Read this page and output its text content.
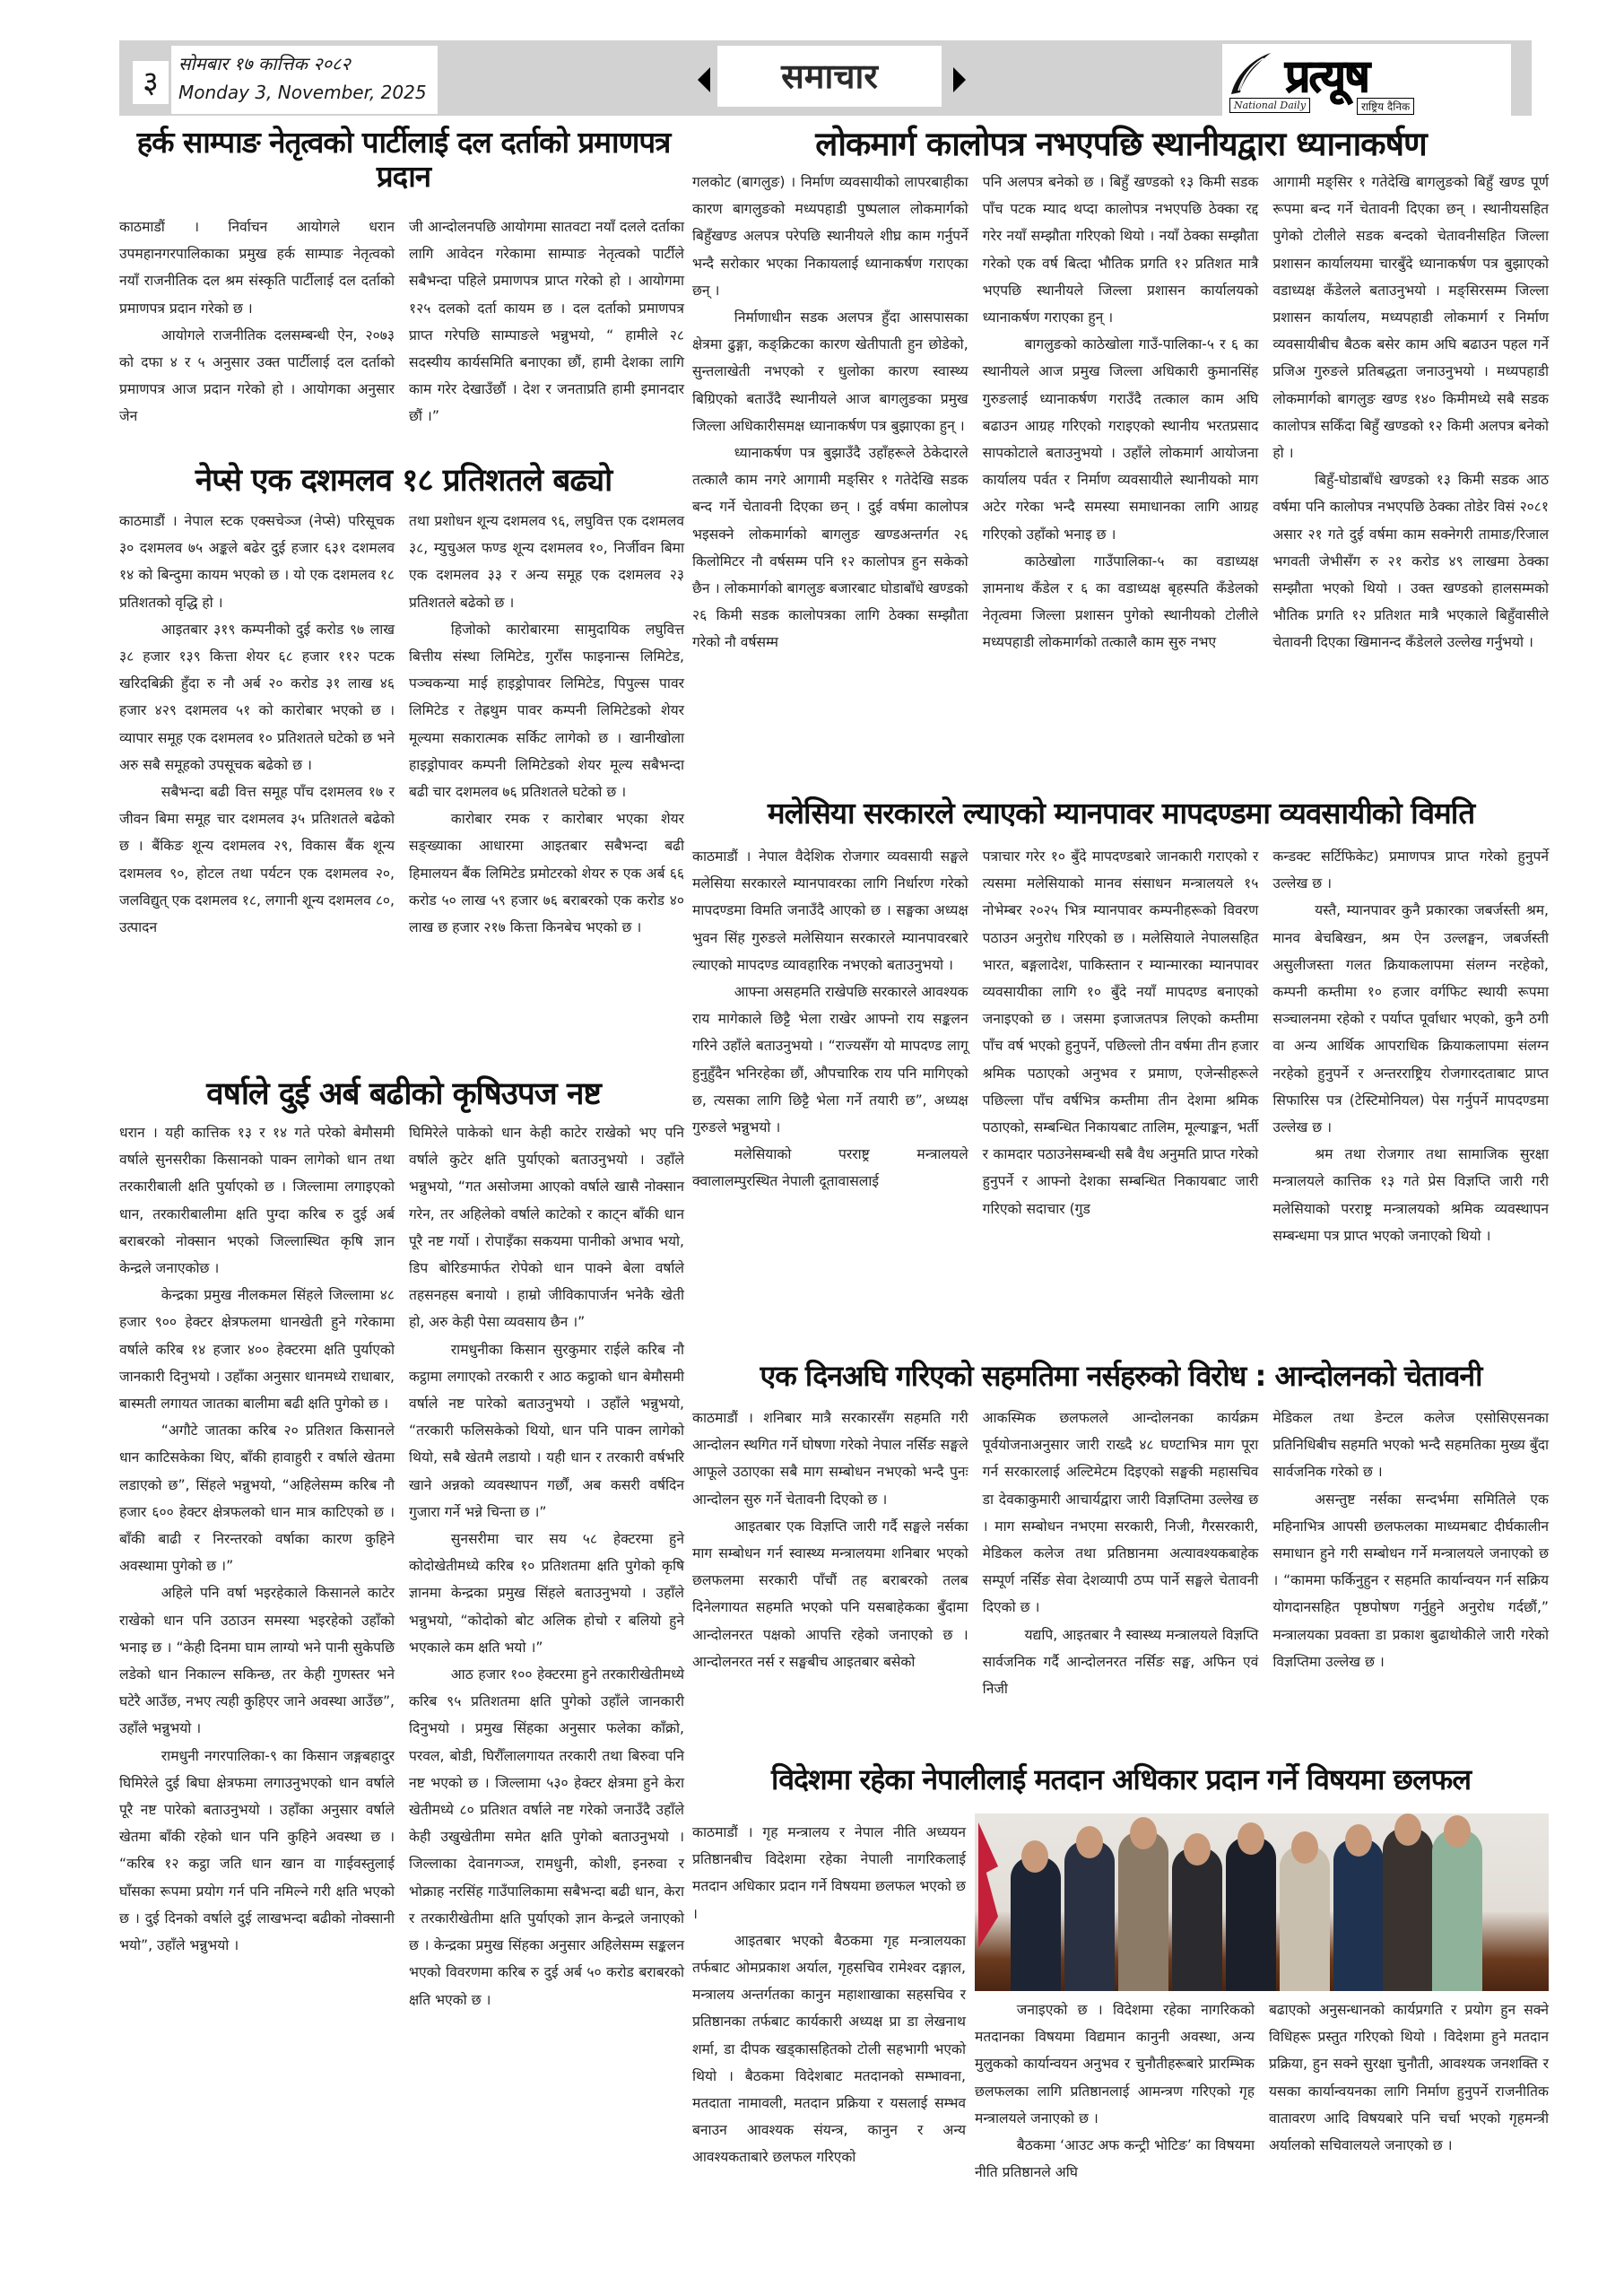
३
सोमबार १७ कात्तिक २०८२
Monday 3, November, 2025	समाचार	प्रत्यूष
National Daily	राष्ट्रिय दैनिक
हर्क साम्पाङ नेतृत्वको पार्टीलाई दल दर्ताको प्रमाणपत्र प्रदान

काठमाडौं । निर्वाचन आयोगले धरान उपमहानगरपालिकाका प्रमुख हर्क साम्पाङ नेतृत्वको नयाँ राजनीतिक दल श्रम संस्कृति पार्टीलाई दल दर्ताको प्रमाणपत्र प्रदान गरेको छ ।

आयोगले राजनीतिक दलसम्बन्धी ऐन, २०७३ को दफा ४ र ५ अनुसार उक्त पार्टीलाई दल दर्ताको प्रमाणपत्र आज प्रदान गरेको हो । आयोगका अनुसार जेन

जी आन्दोलनपछि आयोगमा सातवटा नयाँ दलले दर्ताका लागि आवेदन गरेकामा साम्पाङ नेतृत्वको पार्टीले सबैभन्दा पहिले प्रमाणपत्र प्राप्त गरेको हो । आयोगमा १२५ दलको दर्ता कायम छ । दल दर्ताको प्रमाणपत्र प्राप्त गरेपछि साम्पाङले भन्नुभयो, “ हामीले २८ सदस्यीय कार्यसमिति बनाएका छौं, हामी देशका लागि काम गरेर देखाउँछौं । देश र जनताप्रति हामी इमानदार छौं ।”

नेप्से एक दशमलव १८ प्रतिशतले बढ्यो

काठमाडौं । नेपाल स्टक एक्सचेञ्ज (नेप्से) परिसूचक ३० दशमलव ७५ अङ्कले बढेर दुई हजार ६३१ दशमलव १४ को बिन्दुमा कायम भएको छ । यो एक दशमलव १८ प्रतिशतको वृद्धि हो ।

आइतबार ३१९ कम्पनीको दुई करोड ९७ लाख ३८ हजार १३९ कित्ता शेयर ६८ हजार ११२ पटक खरिदबिक्री हुँदा रु नौ अर्ब २० करोड ३१ लाख ४६ हजार ४२९ दशमलव ५१ को कारोबार भएको छ । व्यापार समूह एक दशमलव १० प्रतिशतले घटेको छ भने अरु सबै समूहको उपसूचक बढेको छ ।

सबैभन्दा बढी वित्त समूह पाँच दशमलव १७ र जीवन बिमा समूह चार दशमलव ३५ प्रतिशतले बढेको छ । बैंकिङ शून्य दशमलव २९, विकास बैंक शून्य दशमलव ९०, होटल तथा पर्यटन एक दशमलव २०, जलविद्युत् एक दशमलव १८, लगानी शून्य दशमलव ८०, उत्पादन

तथा प्रशोधन शून्य दशमलव ९६, लघुवित्त एक दशमलव ३८, म्युचुअल फण्ड शून्य दशमलव १०, निर्जीवन बिमा एक दशमलव ३३ र अन्य समूह एक दशमलव २३ प्रतिशतले बढेको छ ।

हिजोको कारोबारमा सामुदायिक लघुवित्त बित्तीय संस्था लिमिटेड, गुराँस फाइनान्स लिमिटेड, पञ्चकन्या माई हाइड्रोपावर लिमिटेड, पिपुल्स पावर लिमिटेड र तेह्रथुम पावर कम्पनी लिमिटेडको शेयर मूल्यमा सकारात्मक सर्किट लागेको छ । खानीखोला हाइड्रोपावर कम्पनी लिमिटेडको शेयर मूल्य सबैभन्दा बढी चार दशमलव ७६ प्रतिशतले घटेको छ ।

कारोबार रमक र कारोबार भएका शेयर सङ्ख्याका आधारमा आइतबार सबैभन्दा बढी हिमालयन बैंक लिमिटेड प्रमोटरको शेयर रु एक अर्ब ६६ करोड ५० लाख ५९ हजार ७६ बराबरको एक करोड ४० लाख छ हजार २१७ कित्ता किनबेच भएको छ ।

वर्षाले दुई अर्ब बढीको कृषिउपज नष्ट

धरान । यही कात्तिक १३ र १४ गते परेको बेमौसमी वर्षाले सुनसरीका किसानको पाक्न लागेको धान तथा तरकारीबाली क्षति पुर्याएको छ । जिल्लामा लगाइएको धान, तरकारीबालीमा क्षति पुग्दा करिब रु दुई अर्ब बराबरको नोक्सान भएको जिल्लास्थित कृषि ज्ञान केन्द्रले जनाएकोछ ।

केन्द्रका प्रमुख नीलकमल सिंहले जिल्लामा ४८ हजार ९०० हेक्टर क्षेत्रफलमा धानखेती हुने गरेकामा वर्षाले करिब १४ हजार ४०० हेक्टरमा क्षति पुर्याएको जानकारी दिनुभयो । उहाँका अनुसार धानमध्ये राधाबार, बास्मती लगायत जातका बालीमा बढी क्षति पुगेको छ ।

“अगौटे जातका करिब २० प्रतिशत किसानले धान काटिसकेका थिए, बाँकी हावाहुरी र वर्षाले खेतमा लडाएको छ”, सिंहले भन्नुभयो, “अहिलेसम्म करिब नौ हजार ६०० हेक्टर क्षेत्रफलको धान मात्र काटिएको छ । बाँकी बाढी र निरन्तरको वर्षाका कारण कुहिने अवस्थामा पुगेको छ ।”

अहिले पनि वर्षा भइरहेकाले किसानले काटेर राखेको धान पनि उठाउन समस्या भइरहेको उहाँको भनाइ छ । “केही दिनमा घाम लाग्यो भने पानी सुकेपछि लडेको धान निकाल्न सकिन्छ, तर केही गुणस्तर भने घटेरै आउँछ, नभए त्यही कुहिएर जाने अवस्था आउँछ”, उहाँले भन्नुभयो ।

रामधुनी नगरपालिका-९ का किसान जङ्गबहादुर घिमिरेले दुई बिघा क्षेत्रफमा लगाउनुभएको धान वर्षाले पूरै नष्ट पारेको बताउनुभयो । उहाँका अनुसार वर्षाले खेतमा बाँकी रहेको धान पनि कुहिने अवस्था छ । “करिब १२ कट्ठा जति धान खान वा गाईवस्तुलाई घाँसका रूपमा प्रयोग गर्न पनि नमिल्ने गरी क्षति भएको छ । दुई दिनको वर्षाले दुई लाखभन्दा बढीको नोक्सानी भयो”, उहाँले भन्नुभयो ।

घिमिरेले पाकेको धान केही काटेर राखेको भए पनि वर्षाले कुटेर क्षति पुर्याएको बताउनुभयो । उहाँले भन्नुभयो, “गत असोजमा आएको वर्षाले खासै नोक्सान गरेन, तर अहिलेको वर्षाले काटेको र काट्न बाँकी धान पूरै नष्ट गर्यो । रोपाइँका सकयमा पानीको अभाव भयो, डिप बोरिङमार्फत रोपेको धान पाक्ने बेला वर्षाले तहसनहस बनायो । हाम्रो जीविकापार्जन भनेकै खेती हो, अरु केही पेसा व्यवसाय छैन ।”

रामधुनीका किसान सुरकुमार राईले करिब नौ कट्ठामा लगाएको तरकारी र आठ कट्ठाको धान बेमौसमी वर्षाले नष्ट पारेको बताउनुभयो । उहाँले भन्नुभयो, “तरकारी फलिसकेको थियो, धान पनि पाक्न लागेको थियो, सबै खेतमै लडायो । यही धान र तरकारी वर्षभरि खाने अन्नको व्यवस्थापन गर्छौं, अब कसरी वर्षदिन गुजारा गर्ने भन्ने चिन्ता छ ।”

सुनसरीमा चार सय ५८ हेक्टरमा हुने कोदोखेतीमध्ये करिब १० प्रतिशतमा क्षति पुगेको कृषि ज्ञानमा केन्द्रका प्रमुख सिंहले बताउनुभयो । उहाँले भन्नुभयो, “कोदोको बोट अलिक होचो र बलियो हुने भएकाले कम क्षति भयो ।”

आठ हजार १०० हेक्टरमा हुने तरकारीखेतीमध्ये करिब ९५ प्रतिशतमा क्षति पुगेको उहाँले जानकारी दिनुभयो । प्रमुख सिंहका अनुसार फलेका काँक्रो, परवल, बोडी, घिरौँलालगायत तरकारी तथा बिरुवा पनि नष्ट भएको छ । जिल्लामा ५३० हेक्टर क्षेत्रमा हुने केरा खेतीमध्ये ८० प्रतिशत वर्षाले नष्ट गरेको जनाउँदै उहाँले केही उखुखेतीमा समेत क्षति पुगेको बताउनुभयो । जिल्लाका देवानगञ्ज, रामधुनी, कोशी, इनरुवा र भोक्राह नरसिंह गाउँपालिकामा सबैभन्दा बढी धान, केरा र तरकारीखेतीमा क्षति पुर्याएको ज्ञान केन्द्रले जनाएको छ । केन्द्रका प्रमुख सिंहका अनुसार अहिलेसम्म सङ्कलन भएको विवरणमा करिब रु दुई अर्ब ५० करोड बराबरको क्षति भएको छ ।

लोकमार्ग कालोपत्र नभएपछि स्थानीयद्वारा ध्यानाकर्षण

गलकोट (बागलुङ) । निर्माण व्यवसायीको लापरबाहीका कारण बागलुङको मध्यपहाडी पुष्पलाल लोकमार्गको बिहुँखण्ड अलपत्र परेपछि स्थानीयले शीघ्र काम गर्नुपर्ने भन्दै सरोकार भएका निकायलाई ध्यानाकर्षण गराएका छन् ।

निर्माणाधीन सडक अलपत्र हुँदा आसपासका क्षेत्रमा ढुङ्गा, कङ्क्रिटका कारण खेतीपाती हुन छोडेको, सुन्तलाखेती नभएको र धुलोका कारण स्वास्थ्य बिग्रिएको बताउँदै स्थानीयले आज बागलुङका प्रमुख जिल्ला अधिकारीसमक्ष ध्यानाकर्षण पत्र बुझाएका हुन् ।

ध्यानाकर्षण पत्र बुझाउँदै उहाँहरूले ठेकेदारले तत्कालै काम नगरे आगामी मङ्सिर १ गतेदेखि सडक बन्द गर्ने चेतावनी दिएका छन् । दुई वर्षमा कालोपत्र भइसक्ने लोकमार्गको बागलुङ खण्डअन्तर्गत २६ किलोमिटर नौ वर्षसम्म पनि १२ कालोपत्र हुन सकेको छैन । लोकमार्गको बागलुङ बजारबाट घोडाबाँधे खण्डको २६ किमी सडक कालोपत्रका लागि ठेक्का सम्झौता गरेको नौ वर्षसम्म

पनि अलपत्र बनेको छ । बिहुँ खण्डको १३ किमी सडक पाँच पटक म्याद थप्दा कालोपत्र नभएपछि ठेक्का रद्द गरेर नयाँ सम्झौता गरिएको थियो । नयाँ ठेक्का सम्झौता गरेको एक वर्ष बित्दा भौतिक प्रगति १२ प्रतिशत मात्रै भएपछि स्थानीयले जिल्ला प्रशासन कार्यालयको ध्यानाकर्षण गराएका हुन् ।

बागलुङको काठेखोला गाउँ-पालिका-५ र ६ का स्थानीयले आज प्रमुख जिल्ला अधिकारी कुमानसिंह गुरुङलाई ध्यानाकर्षण गराउँदै तत्काल काम अघि बढाउन आग्रह गरिएको गराइएको स्थानीय भरतप्रसाद सापकोटाले बताउनुभयो । उहाँले लोकमार्ग आयोजना कार्यालय पर्वत र निर्माण व्यवसायीले स्थानीयको माग अटेर गरेका भन्दै समस्या समाधानका लागि आग्रह गरिएको उहाँको भनाइ छ ।

काठेखोला गाउँपालिका-५ का वडाध्यक्ष ज्ञामनाथ कँडेल र ६ का वडाध्यक्ष बृहस्पति कँडेलको नेतृत्वमा जिल्ला प्रशासन पुगेको स्थानीयको टोलीले मध्यपहाडी लोकमार्गको तत्कालै काम सुरु नभए

आगामी मङ्सिर १ गतेदेखि बागलुङको बिहुँ खण्ड पूर्ण रूपमा बन्द गर्ने चेतावनी दिएका छन् । स्थानीयसहित पुगेको टोलीले सडक बन्दको चेतावनीसहित जिल्ला प्रशासन कार्यालयमा चारबुँदे ध्यानाकर्षण पत्र बुझाएको वडाध्यक्ष कँडेलले बताउनुभयो । मङ्सिरसम्म जिल्ला प्रशासन कार्यालय, मध्यपहाडी लोकमार्ग र निर्माण व्यवसायीबीच बैठक बसेर काम अघि बढाउन पहल गर्ने प्रजिअ गुरुङले प्रतिबद्धता जनाउनुभयो । मध्यपहाडी लोकमार्गको बागलुङ खण्ड १४० किमीमध्ये सबै सडक कालोपत्र सकिँदा बिहुँ खण्डको १२ किमी अलपत्र बनेको हो ।

बिहुँ-घोडाबाँधे खण्डको १३ किमी सडक आठ वर्षमा पनि कालोपत्र नभएपछि ठेक्का तोडेर विसं २०८१ असार २१ गते दुई वर्षमा काम सक्नेगरी तामाङ/रिजाल भगवती जेभीसँग रु २१ करोड ४९ लाखमा ठेक्का सम्झौता भएको थियो । उक्त खण्डको हालसम्मको भौतिक प्रगति १२ प्रतिशत मात्रै भएकाले बिहुँवासीले चेतावनी दिएका खिमानन्द कँडेलले उल्लेख गर्नुभयो ।

मलेसिया सरकारले ल्याएको म्यानपावर मापदण्डमा व्यवसायीको विमति

काठमाडौं । नेपाल वैदेशिक रोजगार व्यवसायी सङ्घले मलेसिया सरकारले म्यानपावरका लागि निर्धारण गरेको मापदण्डमा विमति जनाउँदै आएको छ । सङ्घका अध्यक्ष भुवन सिंह गुरुङले मलेसियान सरकारले म्यानपावरबारे ल्याएको मापदण्ड व्यावहारिक नभएको बताउनुभयो ।

आफ्ना असहमति राखेपछि सरकारले आवश्यक राय मागेकाले छिट्टै भेला राखेर आफ्नो राय सङ्कलन गरिने उहाँले बताउनुभयो । “राज्यसँग यो मापदण्ड लागू हुनुहुँदैन भनिरहेका छौं, औपचारिक राय पनि मागिएको छ, त्यसका लागि छिट्टै भेला गर्ने तयारी छ”, अध्यक्ष गुरुङले भन्नुभयो ।

मलेसियाको परराष्ट्र मन्त्रालयले क्वालालम्पुरस्थित नेपाली दूतावासलाई

पत्राचार गरेर १० बुँदे मापदण्डबारे जानकारी गराएको र त्यसमा मलेसियाको मानव संसाधन मन्त्रालयले १५ नोभेम्बर २०२५ भित्र म्यानपावर कम्पनीहरूको विवरण पठाउन अनुरोध गरिएको छ । मलेसियाले नेपालसहित भारत, बङ्गलादेश, पाकिस्तान र म्यान्मारका म्यानपावर व्यवसायीका लागि १० बुँदे नयाँ मापदण्ड बनाएको जनाइएको छ । जसमा इजाजतपत्र लिएको कम्तीमा पाँच वर्ष भएको हुनुपर्ने, पछिल्लो तीन वर्षमा तीन हजार श्रमिक पठाएको अनुभव र प्रमाण, एजेन्सीहरूले पछिल्ला पाँच वर्षभित्र कम्तीमा तीन देशमा श्रमिक पठाएको, सम्बन्धित निकायबाट तालिम, मूल्याङ्कन, भर्ती र कामदार पठाउनेसम्बन्धी सबै वैध अनुमति प्राप्त गरेको हुनुपर्ने र आफ्नो देशका सम्बन्धित निकायबाट जारी गरिएको सदाचार (गुड

कन्डक्ट सर्टिफिकेट) प्रमाणपत्र प्राप्त गरेको हुनुपर्ने उल्लेख छ ।

यस्तै, म्यानपावर कुनै प्रकारका जबर्जस्ती श्रम, मानव बेचबिखन, श्रम ऐन उल्लङ्घन, जबर्जस्ती असुलीजस्ता गलत क्रियाकलापमा संलग्न नरहेको, कम्पनी कम्तीमा १० हजार वर्गफिट स्थायी रूपमा सञ्चालनमा रहेको र पर्याप्त पूर्वाधार भएको, कुनै ठगी वा अन्य आर्थिक आपराधिक क्रियाकलापमा संलग्न नरहेको हुनुपर्ने र अन्तरराष्ट्रिय रोजगारदताबाट प्राप्त सिफारिस पत्र (टेस्टिमोनियल) पेस गर्नुपर्ने मापदण्डमा उल्लेख छ ।

श्रम तथा रोजगार तथा सामाजिक सुरक्षा मन्त्रालयले कात्तिक १३ गते प्रेस विज्ञप्ति जारी गरी मलेसियाको परराष्ट्र मन्त्रालयको श्रमिक व्यवस्थापन सम्बन्धमा पत्र प्राप्त भएको जनाएको थियो ।

एक दिनअघि गरिएको सहमतिमा नर्सहरुको विरोध : आन्दोलनको चेतावनी

काठमाडौं । शनिबार मात्रै सरकारसँग सहमति गरी आन्दोलन स्थगित गर्ने घोषणा गरेको नेपाल नर्सिङ सङ्घले आफूले उठाएका सबै माग सम्बोधन नभएको भन्दै पुनः आन्दोलन सुरु गर्ने चेतावनी दिएको छ ।

आइतबार एक विज्ञप्ति जारी गर्दै सङ्घले नर्सका माग सम्बोधन गर्न स्वास्थ्य मन्त्रालयमा शनिबार भएको छलफलमा सरकारी पाँचौं तह बराबरको तलब दिनेलगायत सहमति भएको पनि यसबाहेकका बुँदामा आन्दोलनरत पक्षको आपत्ति रहेको जनाएको छ । आन्दोलनरत नर्स र सङ्घबीच आइतबार बसेको

आकस्मिक छलफलले आन्दोलनका कार्यक्रम पूर्वयोजनाअनुसार जारी राख्दै ४८ घण्टाभित्र माग पूरा गर्न सरकारलाई अल्टिमेटम दिइएको सङ्घकी महासचिव डा देवकाकुमारी आचार्यद्वारा जारी विज्ञप्तिमा उल्लेख छ । माग सम्बोधन नभएमा सरकारी, निजी, गैरसरकारी, मेडिकल कलेज तथा प्रतिष्ठानमा अत्यावश्यकबाहेक सम्पूर्ण नर्सिङ सेवा देशव्यापी ठप्प पार्ने सङ्घले चेतावनी दिएको छ ।

यद्यपि, आइतबार नै स्वास्थ्य मन्त्रालयले विज्ञप्ति सार्वजनिक गर्दै आन्दोलनरत नर्सिङ सङ्घ, अफिन एवं निजी

मेडिकल तथा डेन्टल कलेज एसोसिएसनका प्रतिनिधिबीच सहमति भएको भन्दै सहमतिका मुख्य बुँदा सार्वजनिक गरेको छ ।

असन्तुष्ट नर्सका सन्दर्भमा समितिले एक महिनाभित्र आपसी छलफलका माध्यमबाट दीर्घकालीन समाधान हुने गरी सम्बोधन गर्ने मन्त्रालयले जनाएको छ । “काममा फर्किनुहुन र सहमति कार्यान्वयन गर्न सक्रिय योगदानसहित पृष्ठपोषण गर्नुहुने अनुरोध गर्दछौं,” मन्त्रालयका प्रवक्ता डा प्रकाश बुढाथोकीले जारी गरेको विज्ञप्तिमा उल्लेख छ ।

विदेशमा रहेका नेपालीलाई मतदान अधिकार प्रदान गर्ने विषयमा छलफल

काठमाडौं । गृह मन्त्रालय र नेपाल नीति अध्ययन प्रतिष्ठानबीच विदेशमा रहेका नेपाली नागरिकलाई मतदान अधिकार प्रदान गर्ने विषयमा छलफल भएको छ ।

आइतबार भएको बैठकमा गृह मन्त्रालयका तर्फबाट ओमप्रकाश अर्याल, गृहसचिव रामेश्वर दङ्गाल, मन्त्रालय अन्तर्गतका कानुन महाशाखाका सहसचिव र प्रतिष्ठानका तर्फबाट कार्यकारी अध्यक्ष प्रा डा लेखनाथ शर्मा, डा दीपक खड्कासहितको टोली सहभागी भएको थियो । बैठकमा विदेशबाट मतदानको सम्भावना, मतदाता नामावली, मतदान प्रक्रिया र यसलाई सम्भव बनाउन आवश्यक संयन्त्र, कानुन र अन्य आवश्यकताबारे छलफल गरिएको

जनाइएको छ । विदेशमा रहेका नागरिकको मतदानका विषयमा विद्यमान कानुनी अवस्था, अन्य मुलुकको कार्यान्वयन अनुभव र चुनौतीहरूबारे प्रारम्भिक छलफलका लागि प्रतिष्ठानलाई आमन्त्रण गरिएको गृह मन्त्रालयले जनाएको छ ।

बैठकमा ‘आउट अफ कन्ट्री भोटिङ’ का विषयमा नीति प्रतिष्ठानले अघि

बढाएको अनुसन्धानको कार्यप्रगति र प्रयोग हुन सक्ने विधिहरू प्रस्तुत गरिएको थियो । विदेशमा हुने मतदान प्रक्रिया, हुन सक्ने सुरक्षा चुनौती, आवश्यक जनशक्ति र यसका कार्यान्वयनका लागि निर्माण हुनुपर्ने राजनीतिक वातावरण आदि विषयबारे पनि चर्चा भएको गृहमन्त्री अर्यालको सचिवालयले जनाएको छ ।
